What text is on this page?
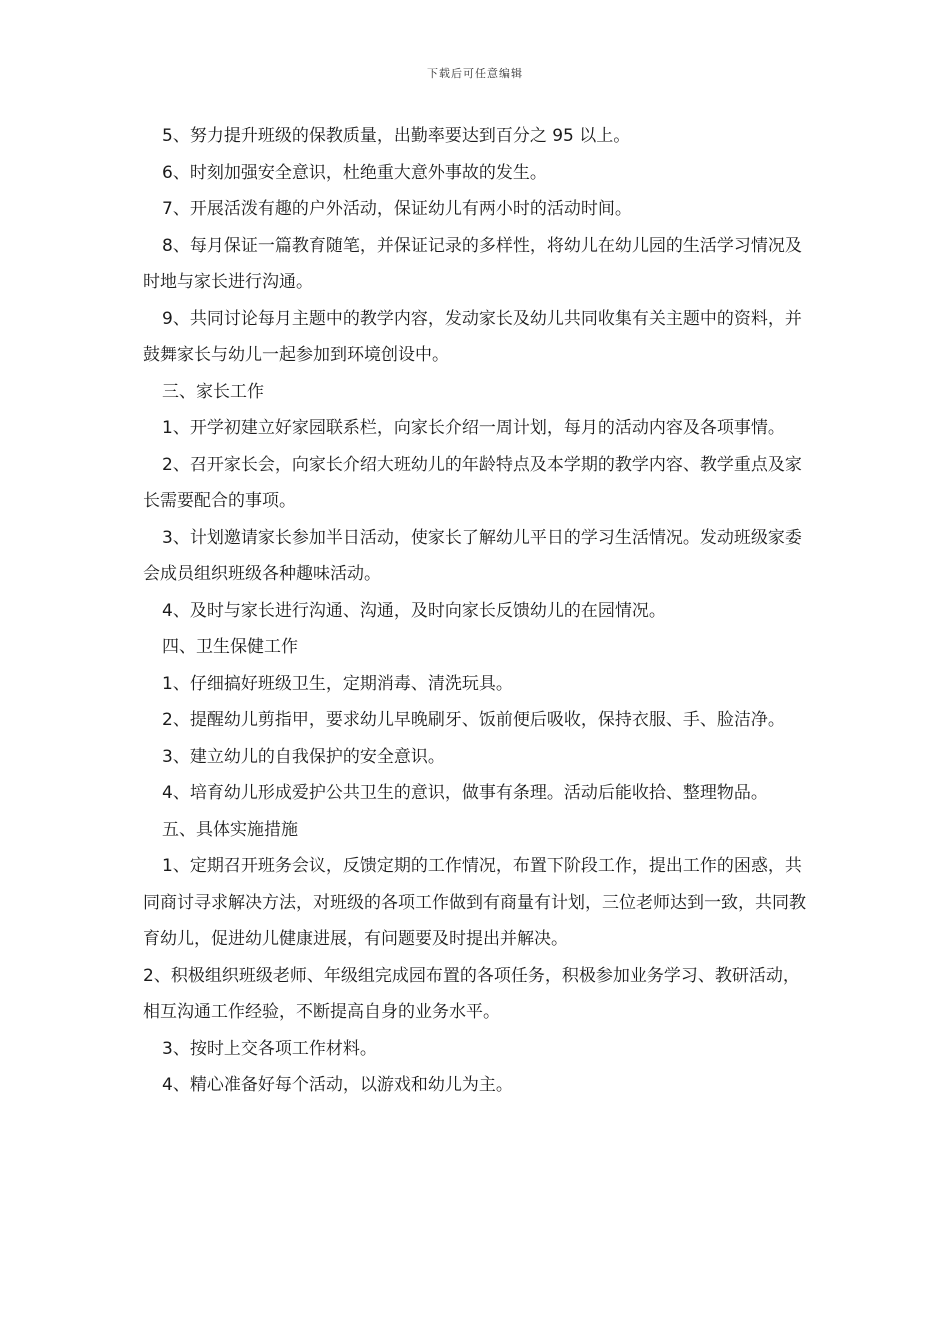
下载后可任意编辑

5、努力提升班级的保教质量，出勤率要达到百分之 95 以上。

6、时刻加强安全意识，杜绝重大意外事故的发生。

7、开展活泼有趣的户外活动，保证幼儿有两小时的活动时间。

8、每月保证一篇教育随笔，并保证记录的多样性，将幼儿在幼儿园的生活学习情况及时地与家长进行沟通。

9、共同讨论每月主题中的教学内容，发动家长及幼儿共同收集有关主题中的资料，并鼓舞家长与幼儿一起参加到环境创设中。

三、家长工作

1、开学初建立好家园联系栏，向家长介绍一周计划，每月的活动内容及各项事情。

2、召开家长会，向家长介绍大班幼儿的年龄特点及本学期的教学内容、教学重点及家长需要配合的事项。

3、计划邀请家长参加半日活动，使家长了解幼儿平日的学习生活情况。发动班级家委会成员组织班级各种趣味活动。

4、及时与家长进行沟通、沟通，及时向家长反馈幼儿的在园情况。

四、卫生保健工作

1、仔细搞好班级卫生，定期消毒、清洗玩具。

2、提醒幼儿剪指甲，要求幼儿早晚刷牙、饭前便后吸收，保持衣服、手、脸洁净。

3、建立幼儿的自我保护的安全意识。

4、培育幼儿形成爱护公共卫生的意识，做事有条理。活动后能收拾、整理物品。

五、具体实施措施

1、定期召开班务会议，反馈定期的工作情况，布置下阶段工作，提出工作的困惑，共同商讨寻求解决方法，对班级的各项工作做到有商量有计划，三位老师达到一致，共同教育幼儿，促进幼儿健康进展，有问题要及时提出并解决。

2、积极组织班级老师、年级组完成园布置的各项任务，积极参加业务学习、教研活动，相互沟通工作经验，不断提高自身的业务水平。

3、按时上交各项工作材料。

4、精心准备好每个活动，以游戏和幼儿为主。
